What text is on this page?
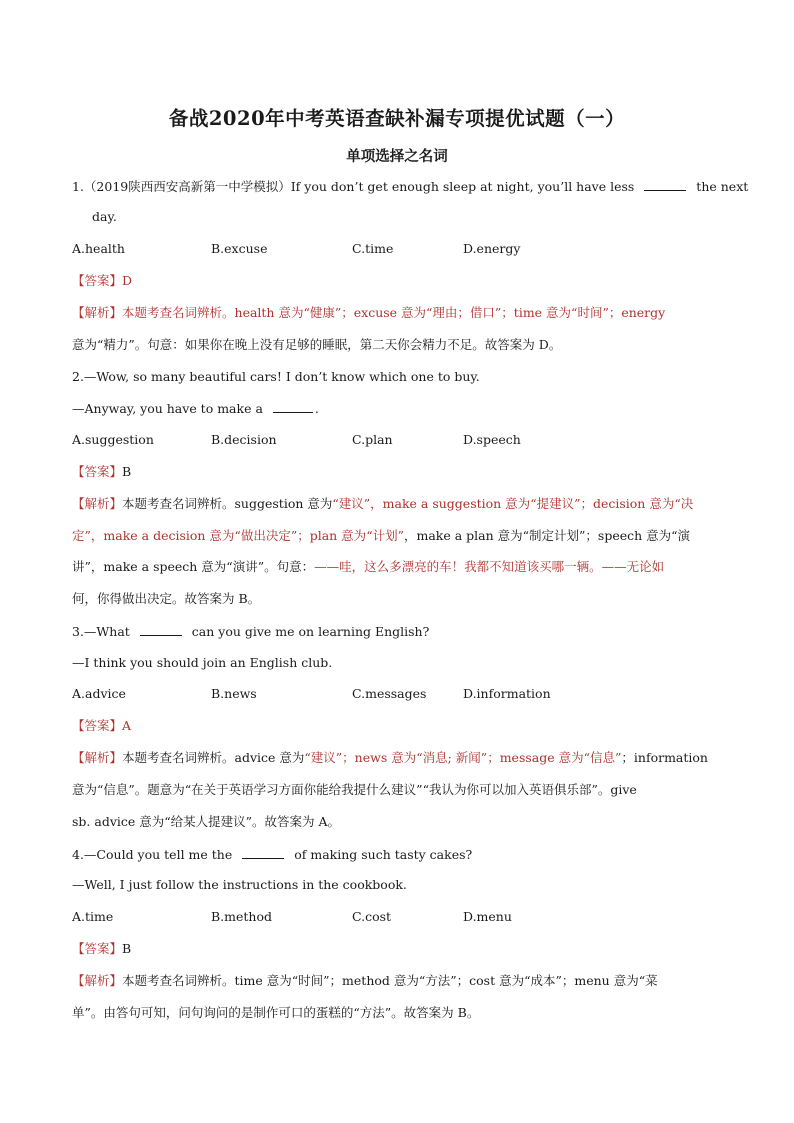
备战2020年中考英语查缺补漏专项提优试题（一）
单项选择之名词
1.（2019陕西西安高新第一中学模拟）If you don’t get enough sleep at night, you’ll have less	the next
day.
A.health	B.excuse	C.time	D.energy
【答案】D
【解析】本题考查名词辨析。health 意为“健康”；excuse 意为“理由；借口”；time 意为“时间”；energy
意为“精力”。句意：如果你在晚上没有足够的睡眠，第二天你会精力不足。故答案为 D。
2.—Wow, so many beautiful cars! I don’t know which one to buy.
—Anyway, you have to make a	.
A.suggestion	B.decision	C.plan	D.speech
【答案】B
【解析】本题考查名词辨析。suggestion 意为“建议”，make a suggestion 意为“提建议”；decision 意为“决
定”，make a decision 意为“做出决定”；plan 意为“计划”，make a plan 意为“制定计划”；speech 意为“演
讲”，make a speech 意为“演讲”。句意：——哇，这么多漂亮的车！我都不知道该买哪一辆。——无论如
何，你得做出决定。故答案为 B。
3.—What	can you give me on learning English?
—I think you should join an English club.
A.advice	B.news	C.messages	D.information
【答案】A
【解析】本题考查名词辨析。advice 意为“建议”；news 意为“消息; 新闻”；message 意为“信息”；information
意为“信息”。题意为“在关于英语学习方面你能给我提什么建议”“我认为你可以加入英语俱乐部”。give
sb. advice 意为“给某人提建议”。故答案为 A。
4.—Could you tell me the	of making such tasty cakes?
—Well, I just follow the instructions in the cookbook.
A.time	B.method	C.cost	D.menu
【答案】B
【解析】本题考查名词辨析。time 意为“时间”；method 意为“方法”；cost 意为“成本”；menu 意为“菜
单”。由答句可知，问句询问的是制作可口的蛋糕的“方法”。故答案为 B。
